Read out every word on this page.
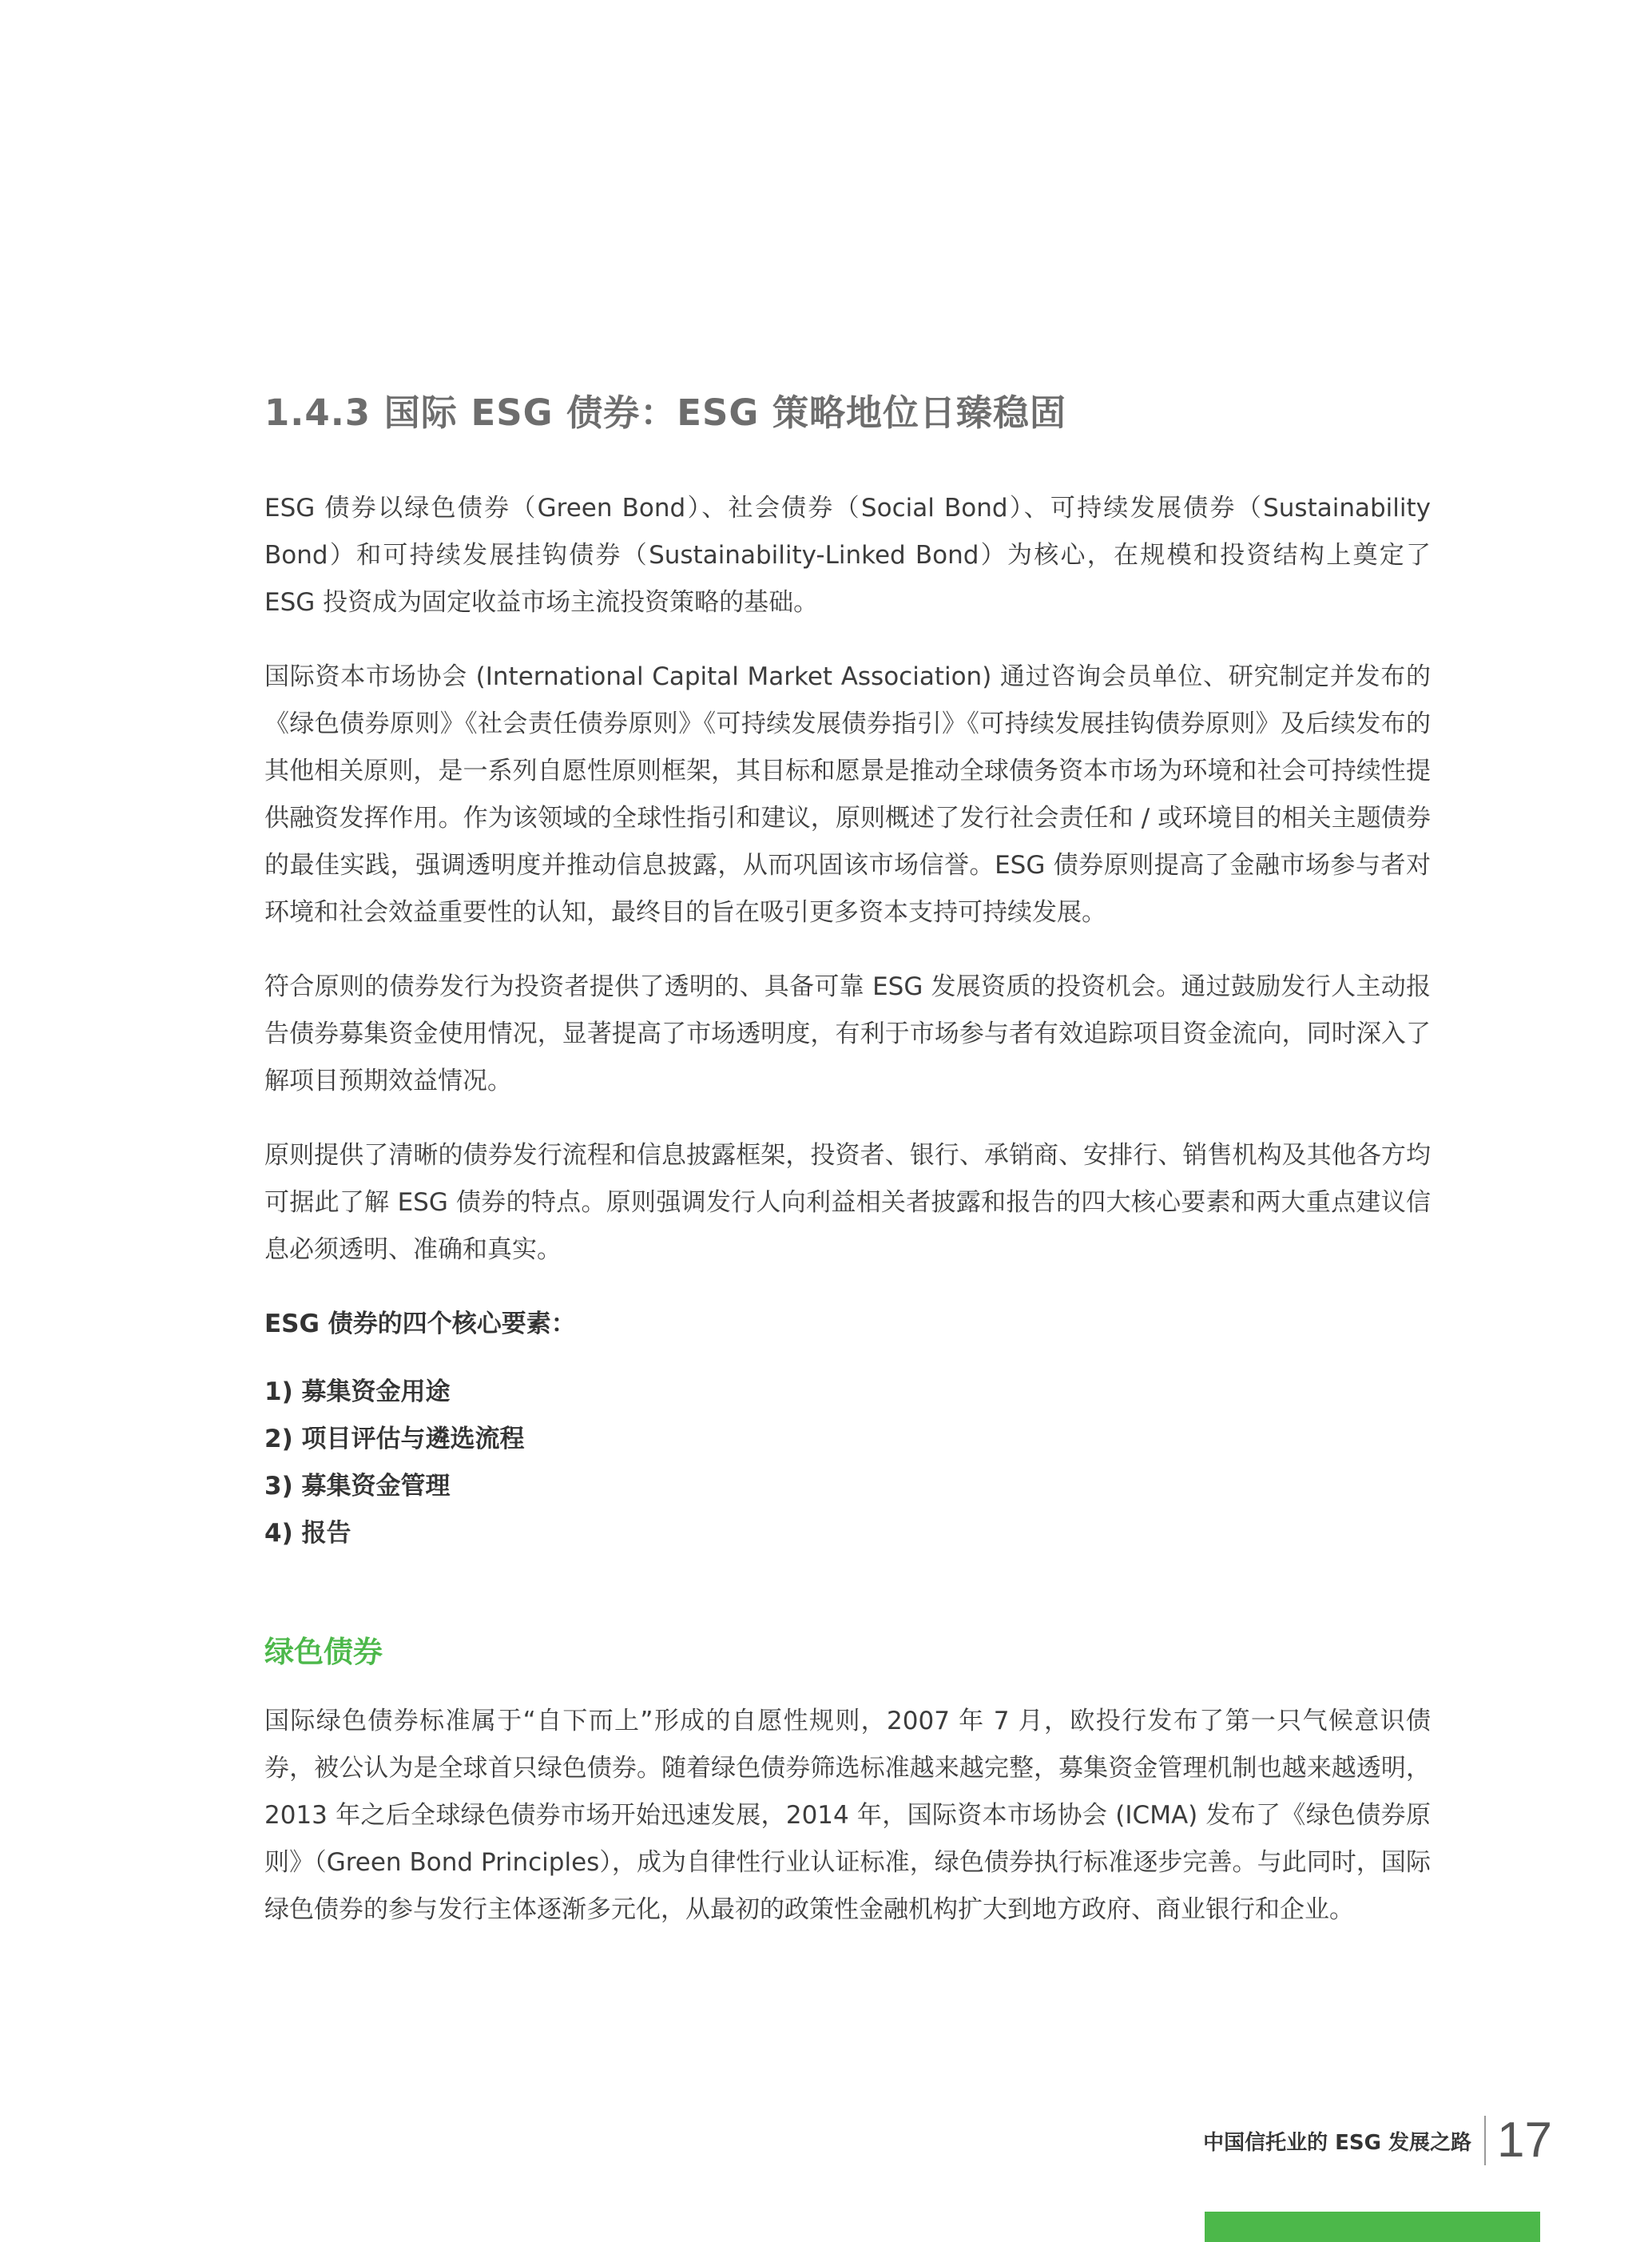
1.4.3 国际 ESG 债券：ESG 策略地位日臻稳固

ESG 债券以绿色债券（Green Bond）、社会债券（Social Bond）、可持续发展债券（Sustainability Bond）和可持续发展挂钩债券（Sustainability-Linked Bond）为核心，在规模和投资结构上奠定了 ESG 投资成为固定收益市场主流投资策略的基础。

国际资本市场协会 (International Capital Market Association) 通过咨询会员单位、研究制定并发布的《绿色债券原则》《社会责任债券原则》《可持续发展债券指引》《可持续发展挂钩债券原则》及后续发布的其他相关原则，是一系列自愿性原则框架，其目标和愿景是推动全球债务资本市场为环境和社会可持续性提供融资发挥作用。作为该领域的全球性指引和建议，原则概述了发行社会责任和 / 或环境目的相关主题债券的最佳实践，强调透明度并推动信息披露，从而巩固该市场信誉。ESG 债券原则提高了金融市场参与者对环境和社会效益重要性的认知，最终目的旨在吸引更多资本支持可持续发展。

符合原则的债券发行为投资者提供了透明的、具备可靠 ESG 发展资质的投资机会。通过鼓励发行人主动报告债券募集资金使用情况，显著提高了市场透明度，有利于市场参与者有效追踪项目资金流向，同时深入了解项目预期效益情况。

原则提供了清晰的债券发行流程和信息披露框架，投资者、银行、承销商、安排行、销售机构及其他各方均可据此了解 ESG 债券的特点。原则强调发行人向利益相关者披露和报告的四大核心要素和两大重点建议信息必须透明、准确和真实。

ESG 债券的四个核心要素：

1) 募集资金用途
2) 项目评估与遴选流程
3) 募集资金管理
4) 报告
绿色债券

国际绿色债券标准属于“自下而上”形成的自愿性规则，2007 年 7 月，欧投行发布了第一只气候意识债券，被公认为是全球首只绿色债券。随着绿色债券筛选标准越来越完整，募集资金管理机制也越来越透明，2013 年之后全球绿色债券市场开始迅速发展，2014 年，国际资本市场协会 (ICMA) 发布了《绿色债券原则》（Green Bond Principles），成为自律性行业认证标准，绿色债券执行标准逐步完善。与此同时，国际绿色债券的参与发行主体逐渐多元化，从最初的政策性金融机构扩大到地方政府、商业银行和企业。

中国信托业的 ESG 发展之路 17
